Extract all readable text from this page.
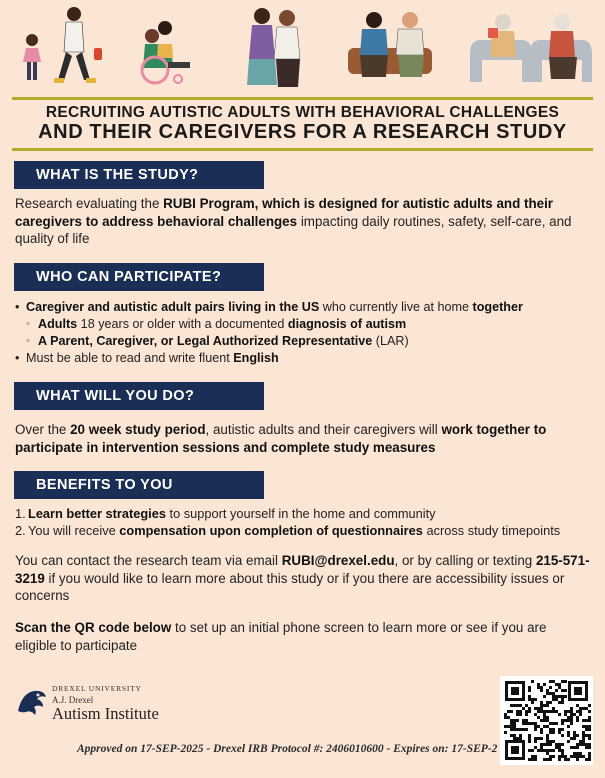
RECRUITING AUTISTIC ADULTS WITH BEHAVIORAL CHALLENGES
AND THEIR CAREGIVERS FOR A RESEARCH STUDY
WHAT IS THE STUDY?
Research evaluating the RUBI Program, which is designed for autistic adults and their caregivers to address behavioral challenges impacting daily routines, safety, self-care, and quality of life
WHO CAN PARTICIPATE?
• Caregiver and autistic adult pairs living in the US who currently live at home together
◦ Adults 18 years or older with a documented diagnosis of autism
◦ A Parent, Caregiver, or Legal Authorized Representative (LAR)
• Must be able to read and write fluent English
WHAT WILL YOU DO?
Over the 20 week study period, autistic adults and their caregivers will work together to participate in intervention sessions and complete study measures
BENEFITS TO YOU
1. Learn better strategies to support yourself in the home and community
2. You will receive compensation upon completion of questionnaires across study timepoints
You can contact the research team via email RUBI@drexel.edu, or by calling or texting 215-571-3219 if you would like to learn more about this study or if you there are accessibility issues or concerns
Scan the QR code below to set up an initial phone screen to learn more or see if you are eligible to participate
DREXEL UNIVERSITY
A.J. Drexel
Autism Institute
Approved on 17-SEP-2025 - Drexel IRB Protocol #: 2406010600 - Expires on: 17-SEP-2
